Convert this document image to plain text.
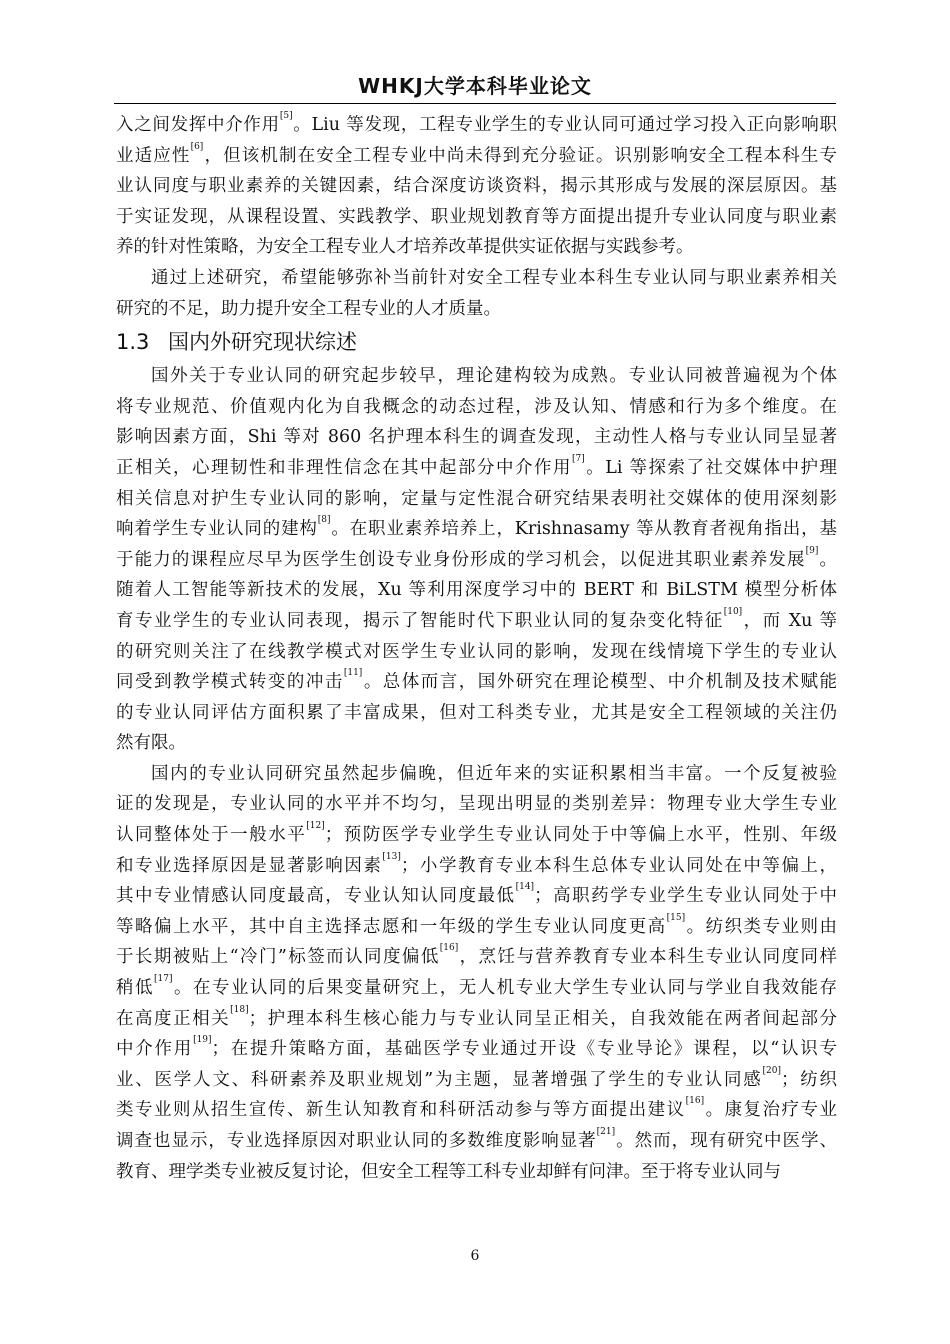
WHKJ大学本科毕业论文
入之间发挥中介作用[5]。Liu 等发现，工程专业学生的专业认同可通过学习投入正向影响职
业适应性[6]，但该机制在安全工程专业中尚未得到充分验证。识别影响安全工程本科生专
业认同度与职业素养的关键因素，结合深度访谈资料，揭示其形成与发展的深层原因。基
于实证发现，从课程设置、实践教学、职业规划教育等方面提出提升专业认同度与职业素
养的针对性策略，为安全工程专业人才培养改革提供实证依据与实践参考。
通过上述研究，希望能够弥补当前针对安全工程专业本科生专业认同与职业素养相关
研究的不足，助力提升安全工程专业的人才质量。
1.3 国内外研究现状综述
国外关于专业认同的研究起步较早，理论建构较为成熟。专业认同被普遍视为个体
将专业规范、价值观内化为自我概念的动态过程，涉及认知、情感和行为多个维度。在
影响因素方面，Shi 等对 860 名护理本科生的调查发现，主动性人格与专业认同呈显著
正相关，心理韧性和非理性信念在其中起部分中介作用[7]。Li 等探索了社交媒体中护理
相关信息对护生专业认同的影响，定量与定性混合研究结果表明社交媒体的使用深刻影
响着学生专业认同的建构[8]。在职业素养培养上，Krishnasamy 等从教育者视角指出，基
于能力的课程应尽早为医学生创设专业身份形成的学习机会，以促进其职业素养发展[9]。
随着人工智能等新技术的发展，Xu 等利用深度学习中的 BERT 和 BiLSTM 模型分析体
育专业学生的专业认同表现，揭示了智能时代下职业认同的复杂变化特征[10]，而 Xu 等
的研究则关注了在线教学模式对医学生专业认同的影响，发现在线情境下学生的专业认
同受到教学模式转变的冲击[11]。总体而言，国外研究在理论模型、中介机制及技术赋能
的专业认同评估方面积累了丰富成果，但对工科类专业，尤其是安全工程领域的关注仍
然有限。
国内的专业认同研究虽然起步偏晚，但近年来的实证积累相当丰富。一个反复被验
证的发现是，专业认同的水平并不均匀，呈现出明显的类别差异：物理专业大学生专业
认同整体处于一般水平[12]；预防医学专业学生专业认同处于中等偏上水平，性别、年级
和专业选择原因是显著影响因素[13]；小学教育专业本科生总体专业认同处在中等偏上，
其中专业情感认同度最高，专业认知认同度最低[14]；高职药学专业学生专业认同处于中
等略偏上水平，其中自主选择志愿和一年级的学生专业认同度更高[15]。纺织类专业则由
于长期被贴上“冷门”标签而认同度偏低[16]，烹饪与营养教育专业本科生专业认同度同样
稍低[17]。在专业认同的后果变量研究上，无人机专业大学生专业认同与学业自我效能存
在高度正相关[18]；护理本科生核心能力与专业认同呈正相关，自我效能在两者间起部分
中介作用[19]；在提升策略方面，基础医学专业通过开设《专业导论》课程，以“认识专
业、医学人文、科研素养及职业规划”为主题，显著增强了学生的专业认同感[20]；纺织
类专业则从招生宣传、新生认知教育和科研活动参与等方面提出建议[16]。康复治疗专业
调查也显示，专业选择原因对职业认同的多数维度影响显著[21]。然而，现有研究中医学、
教育、理学类专业被反复讨论，但安全工程等工科专业却鲜有问津。至于将专业认同与
6
